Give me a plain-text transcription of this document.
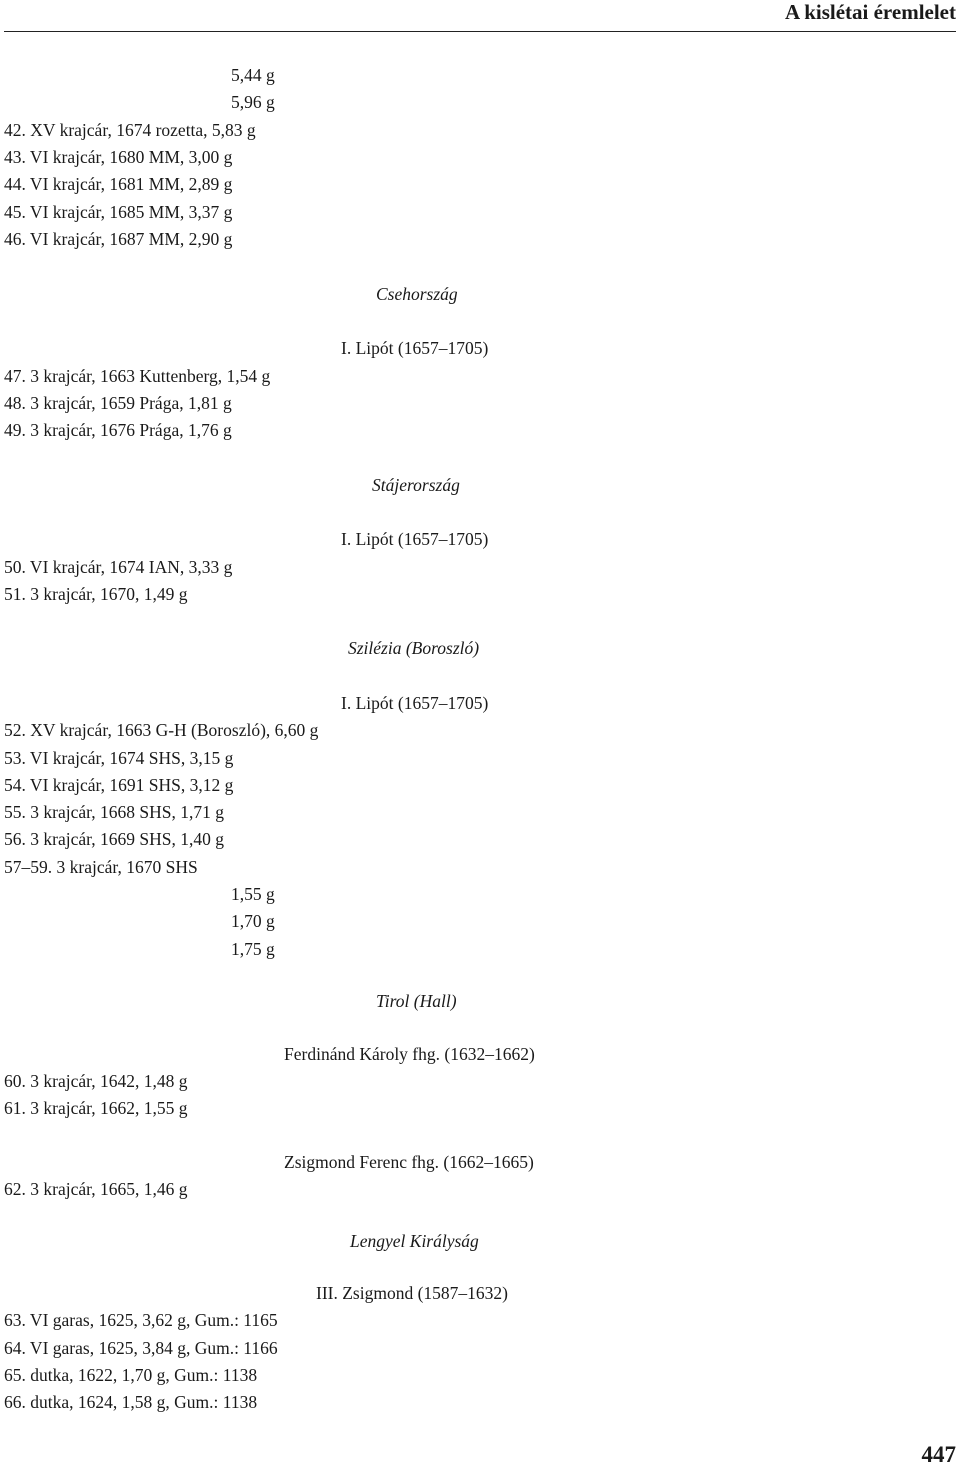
A kislétai éremlelet
5,44 g
5,96 g
42. XV krajcár, 1674 rozetta, 5,83 g
43. VI krajcár, 1680 MM, 3,00 g
44. VI krajcár, 1681 MM, 2,89 g
45. VI krajcár, 1685 MM, 3,37 g
46. VI krajcár, 1687 MM, 2,90 g
Csehország
I. Lipót (1657–1705)
47. 3 krajcár, 1663 Kuttenberg, 1,54 g
48. 3 krajcár, 1659 Prága, 1,81 g
49. 3 krajcár, 1676 Prága, 1,76 g
Stájerország
I. Lipót (1657–1705)
50. VI krajcár, 1674 IAN, 3,33 g
51. 3 krajcár, 1670, 1,49 g
Szilézia (Boroszló)
I. Lipót (1657–1705)
52. XV krajcár, 1663 G-H (Boroszló), 6,60 g
53. VI krajcár, 1674 SHS, 3,15 g
54. VI krajcár, 1691 SHS, 3,12 g
55. 3 krajcár, 1668 SHS, 1,71 g
56. 3 krajcár, 1669 SHS, 1,40 g
57–59. 3 krajcár, 1670 SHS
1,55 g
1,70 g
1,75 g
Tirol (Hall)
Ferdinánd Károly fhg. (1632–1662)
60. 3 krajcár, 1642, 1,48 g
61. 3 krajcár, 1662, 1,55 g
Zsigmond Ferenc fhg. (1662–1665)
62. 3 krajcár, 1665, 1,46 g
Lengyel Királyság
III. Zsigmond (1587–1632)
63. VI garas, 1625, 3,62 g, Gum.: 1165
64. VI garas, 1625, 3,84 g, Gum.: 1166
65. dutka, 1622, 1,70 g, Gum.: 1138
66. dutka, 1624, 1,58 g, Gum.: 1138
447
